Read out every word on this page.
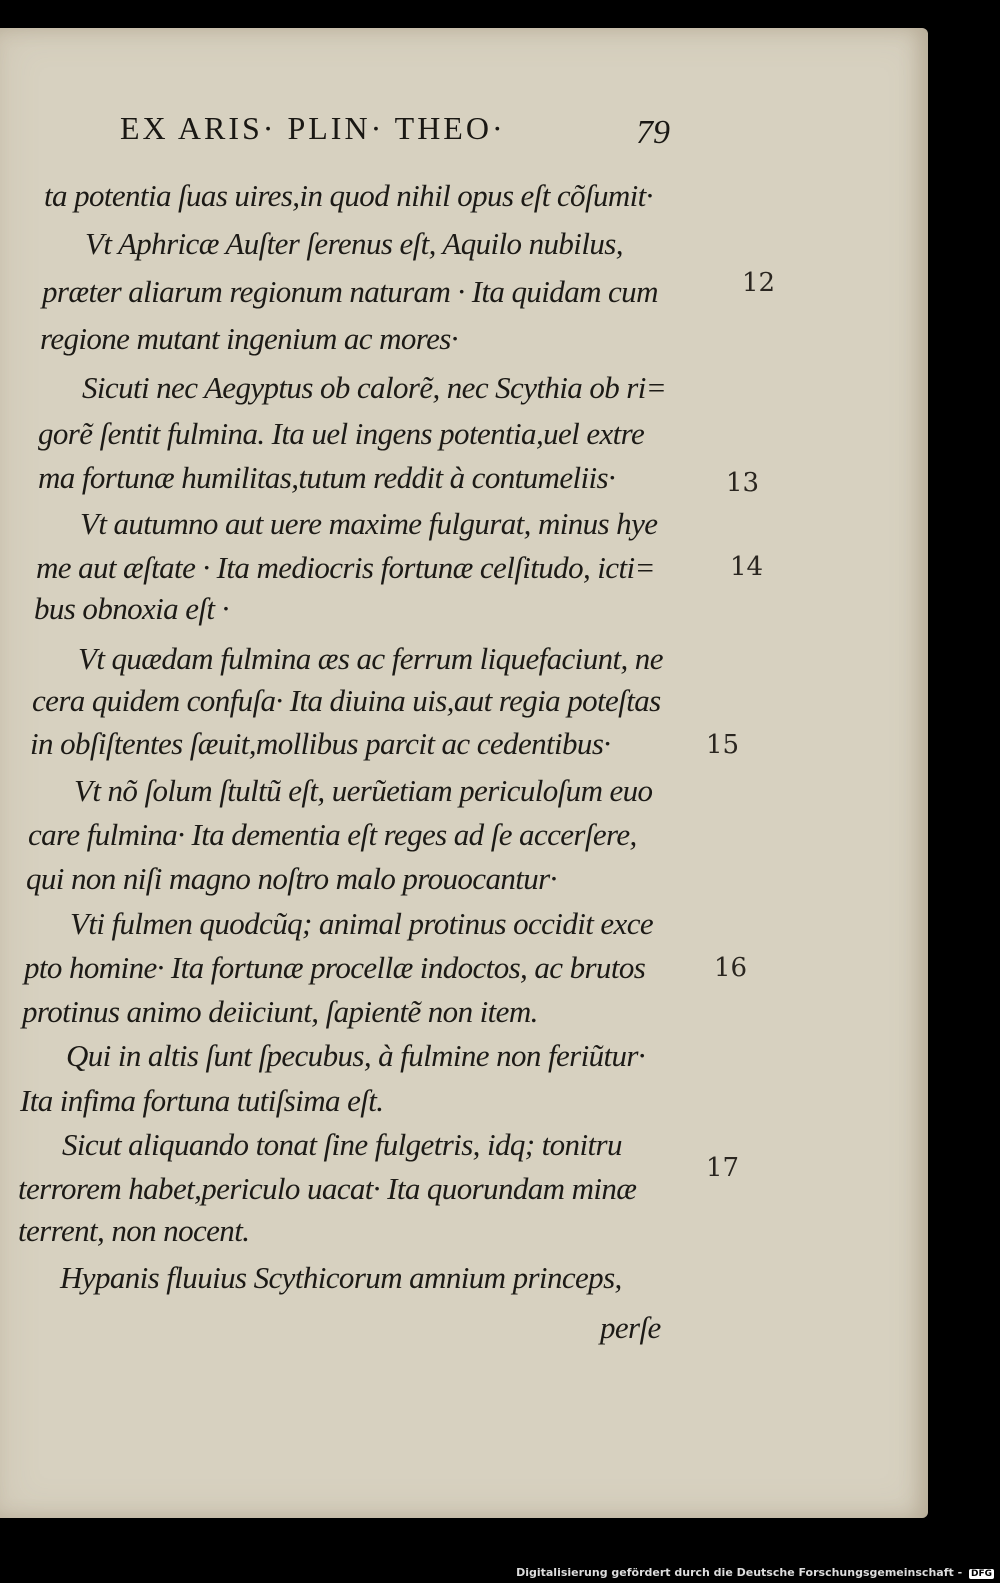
EX ARIS· PLIN· THEO·	79
ta potentia ſuas uires,in quod nihil opus eſt cõſumit·
Vt Aphricæ Auſter ſerenus eſt, Aquilo nubilus,
præter aliarum regionum naturam · Ita quidam cum
regione mutant ingenium ac mores·
Sicuti nec Aegyptus ob calorẽ, nec Scythia ob ri=
gorẽ ſentit fulmina. Ita uel ingens potentia,uel extre
ma fortunæ humilitas,tutum reddit à contumeliis·
Vt autumno aut uere maxime fulgurat, minus hye
me aut æſtate · Ita mediocris fortunæ celſitudo, icti=
bus obnoxia eſt ·
Vt quædam fulmina æs ac ferrum liquefaciunt, ne
cera quidem confuſa· Ita diuina uis,aut regia poteſtas
in obſiſtentes ſæuit,mollibus parcit ac cedentibus·
Vt nõ ſolum ſtultũ eſt, uerũetiam periculoſum euo
care fulmina· Ita dementia eſt reges ad ſe accerſere,
qui non niſi magno noſtro malo prouocantur·
Vti fulmen quodcũq; animal protinus occidit exce
pto homine· Ita fortunæ procellæ indoctos, ac brutos
protinus animo deiiciunt, ſapientẽ non item.
Qui in altis ſunt ſpecubus, à fulmine non feriũtur·
Ita infima fortuna tutiſsima eſt.
Sicut aliquando tonat ſine fulgetris, idq; tonitru
terrorem habet,periculo uacat· Ita quorundam minæ
terrent, non nocent.
Hypanis fluuius Scythicorum amnium princeps,
perſe
12
13
14
15
16
17
Digitalisierung gefördert durch die Deutsche Forschungsgemeinschaft - DFG
